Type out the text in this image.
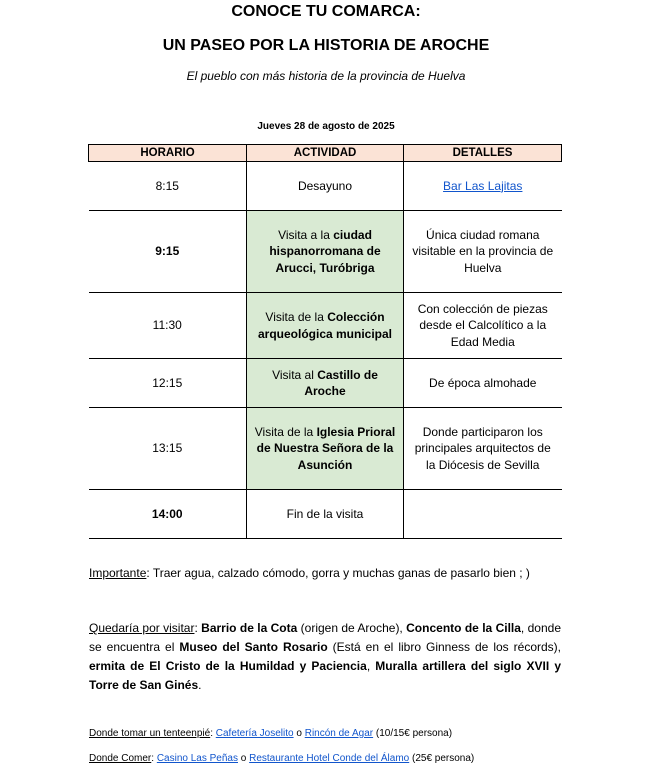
CONOCE TU COMARCA:
UN PASEO POR LA HISTORIA DE AROCHE
El pueblo con más historia de la provincia de Huelva
Jueves 28 de agosto de 2025
HORARIO	ACTIVIDAD	DETALLES
8:15	Desayuno	Bar Las Lajitas
9:15	Visita a la ciudad hispanorromana de Arucci, Turóbriga	Única ciudad romana visitable en la provincia de Huelva
11:30	Visita de la Colección arqueológica municipal	Con colección de piezas desde el Calcolítico a la Edad Media
12:15	Visita al Castillo de Aroche	De época almohade
13:15	Visita de la Iglesia Prioral de Nuestra Señora de la Asunción	Donde participaron los principales arquitectos de la Diócesis de Sevilla
14:00	Fin de la visita	
Importante: Traer agua, calzado cómodo, gorra y muchas ganas de pasarlo bien ; )
Quedaría por visitar: Barrio de la Cota (origen de Aroche), Concento de la Cilla, donde se encuentra el Museo del Santo Rosario (Está en el libro Ginness de los récords), ermita de El Cristo de la Humildad y Paciencia, Muralla artillera del siglo XVII y Torre de San Ginés.
Donde tomar un tenteenpié: Cafetería Joselito o Rincón de Agar (10/15€ persona)
Donde Comer: Casino Las Peñas o Restaurante Hotel Conde del Álamo (25€ persona)
